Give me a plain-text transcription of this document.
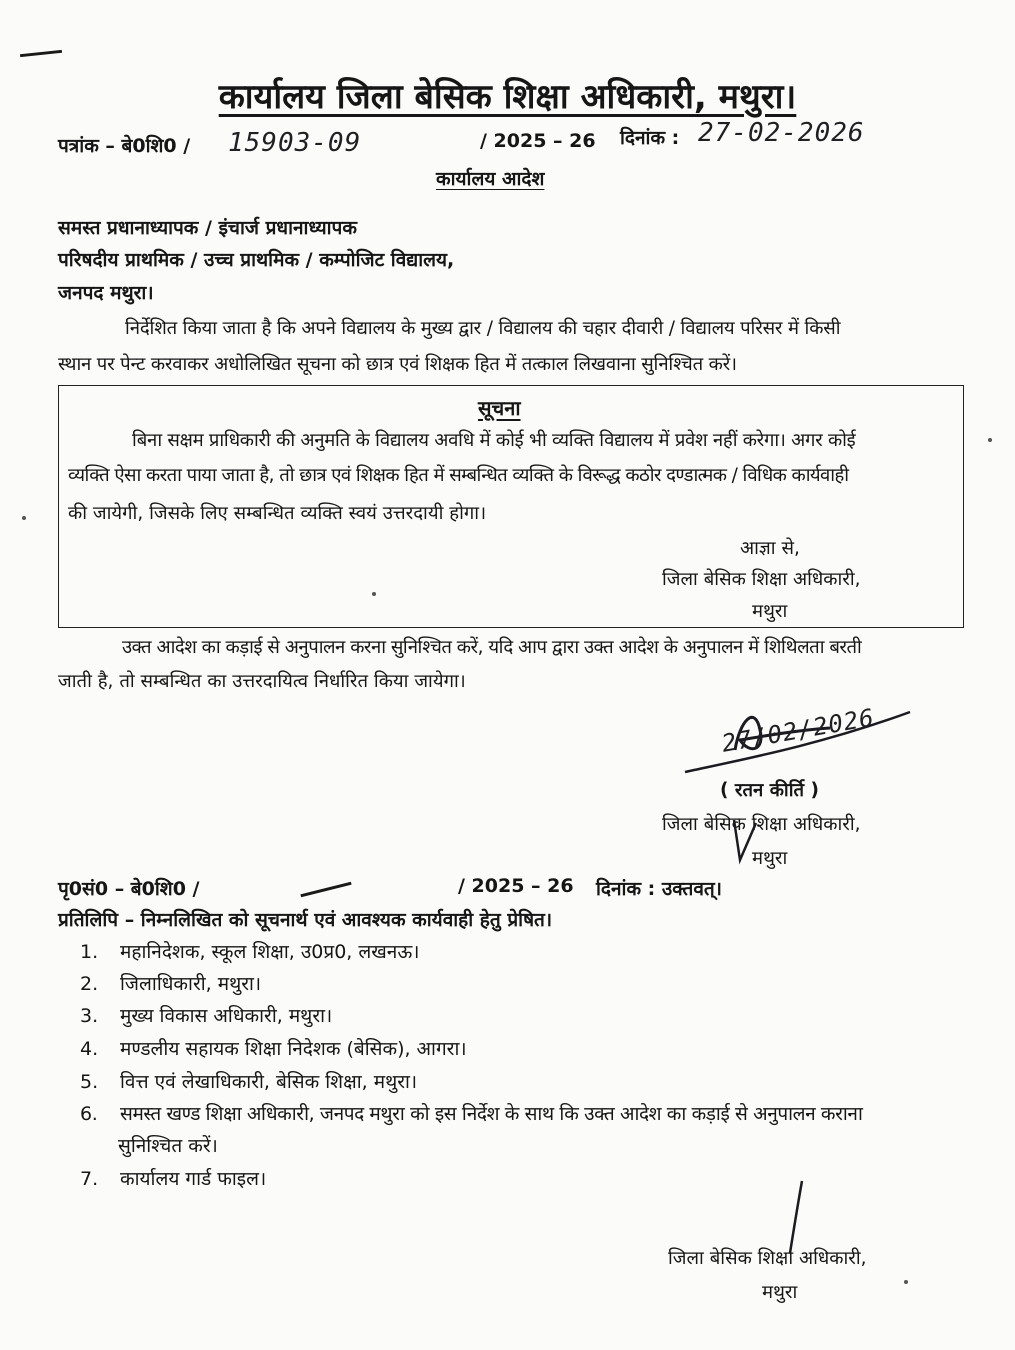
कार्यालय जिला बेसिक शिक्षा अधिकारी, मथुरा।
पत्रांक – बे0शि0 / 15903-09	/ 2025 – 26 दिनांक : 27-02-2026
कार्यालय आदेश
समस्त प्रधानाध्यापक / इंचार्ज प्रधानाध्यापक
परिषदीय प्राथमिक / उच्च प्राथमिक / कम्पोजिट विद्यालय,
जनपद मथुरा।
निर्देशित किया जाता है कि अपने विद्यालय के मुख्य द्वार / विद्यालय की चहार दीवारी / विद्यालय परिसर में किसी
स्थान पर पेन्ट करवाकर अधोलिखित सूचना को छात्र एवं शिक्षक हित में तत्काल लिखवाना सुनिश्चित करें।
सूचना
बिना सक्षम प्राधिकारी की अनुमति के विद्यालय अवधि में कोई भी व्यक्ति विद्यालय में प्रवेश नहीं करेगा। अगर कोई
व्यक्ति ऐसा करता पाया जाता है, तो छात्र एवं शिक्षक हित में सम्बन्धित व्यक्ति के विरूद्ध कठोर दण्डात्मक / विधिक कार्यवाही
की जायेगी, जिसके लिए सम्बन्धित व्यक्ति स्वयं उत्तरदायी होगा।
आज्ञा से,
जिला बेसिक शिक्षा अधिकारी,
मथुरा
उक्त आदेश का कड़ाई से अनुपालन करना सुनिश्चित करें, यदि आप द्वारा उक्त आदेश के अनुपालन में शिथिलता बरती
जाती है, तो सम्बन्धित का उत्तरदायित्व निर्धारित किया जायेगा।
27/02/2026
( रतन कीर्ति )
जिला बेसिक शिक्षा अधिकारी,
मथुरा
पृ0सं0 – बे0शि0 /	/ 2025 – 26 दिनांक : उक्तवत्।
प्रतिलिपि – निम्नलिखित को सूचनार्थ एवं आवश्यक कार्यवाही हेतु प्रेषित।
1. महानिदेशक, स्कूल शिक्षा, उ0प्र0, लखनऊ।
2. जिलाधिकारी, मथुरा।
3. मुख्य विकास अधिकारी, मथुरा।
4. मण्डलीय सहायक शिक्षा निदेशक (बेसिक), आगरा।
5. वित्त एवं लेखाधिकारी, बेसिक शिक्षा, मथुरा।
6. समस्त खण्ड शिक्षा अधिकारी, जनपद मथुरा को इस निर्देश के साथ कि उक्त आदेश का कड़ाई से अनुपालन कराना
सुनिश्चित करें।
7. कार्यालय गार्ड फाइल।
जिला बेसिक शिक्षा अधिकारी,
मथुरा
